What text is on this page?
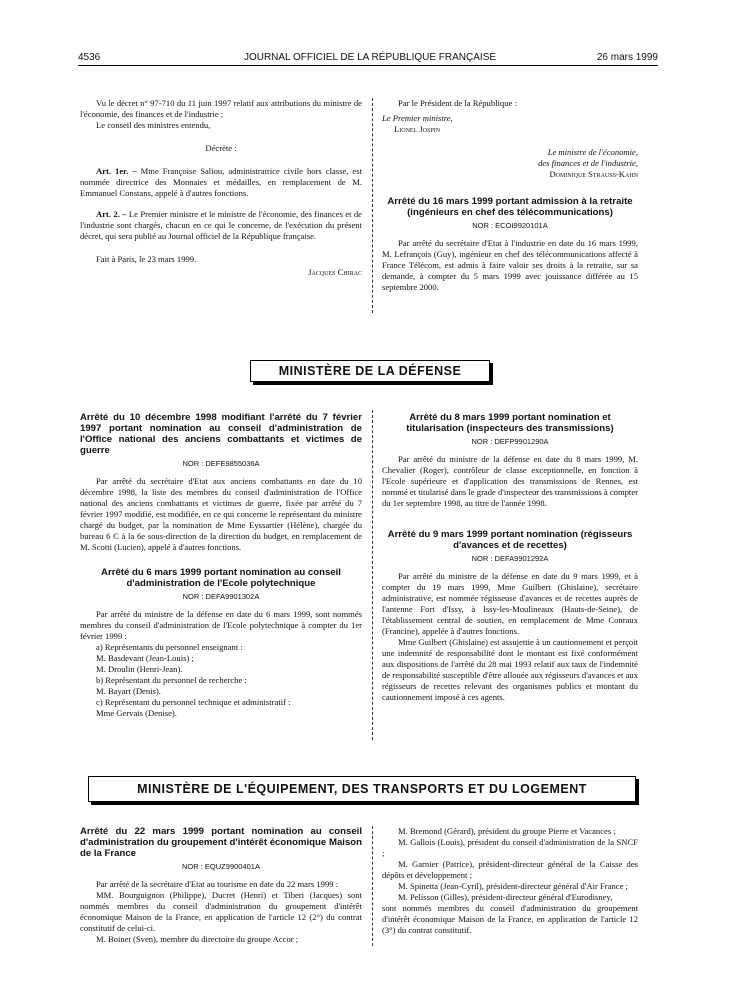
4536	JOURNAL OFFICIEL DE LA RÉPUBLIQUE FRANÇAISE	26 mars 1999

Vu le décret n° 97-710 du 11 juin 1997 relatif aux attributions du ministre de l'économie, des finances et de l'industrie ;

Le conseil des ministres entendu,

Décrète :

Art. 1er. – Mme Françoise Saliou, administratrice civile hors classe, est nommée directrice des Monnaies et médailles, en remplacement de M. Emmanuel Constans, appelé à d'autres fonctions.

Art. 2. – Le Premier ministre et le ministre de l'économie, des finances et de l'industrie sont chargés, chacun en ce qui le concerne, de l'exécution du présent décret, qui sera publié au Journal officiel de la République française.

Fait à Paris, le 23 mars 1999.

Jacques Chirac

Par le Président de la République :

Le Premier ministre,

Lionel Jospin

Le ministre de l'économie,

des finances et de l'industrie,

Dominique Strauss-Kahn

Arrêté du 16 mars 1999 portant admission à la retraite (ingénieurs en chef des télécommunications)

NOR : ECOI9920101A

Par arrêté du secrétaire d'Etat à l'industrie en date du 16 mars 1999, M. Lefrançois (Guy), ingénieur en chef des télécommunications affecté à France Télécom, est admis à faire valoir ses droits à la retraite, sur sa demande, à compter du 5 mars 1999 avec jouissance différée au 15 septembre 2000.

MINISTÈRE DE LA DÉFENSE

Arrêté du 10 décembre 1998 modifiant l'arrêté du 7 février 1997 portant nomination au conseil d'administration de l'Office national des anciens combattants et victimes de guerre

NOR : DEFE9855036A

Par arrêté du secrétaire d'Etat aux anciens combattants en date du 10 décembre 1998, la liste des membres du conseil d'administration de l'Office national des anciens combattants et victimes de guerre, fixée par arrêté du 7 février 1997 modifié, est modifiée, en ce qui concerne le représentant du ministre chargé du budget, par la nomination de Mme Eyssartier (Hélène), chargée du bureau 6 C à la 6e sous-direction de la direction du budget, en remplacement de M. Scotti (Lucien), appelé à d'autres fonctions.

Arrêté du 6 mars 1999 portant nomination au conseil d'administration de l'Ecole polytechnique

NOR : DEFA9901302A

Par arrêté du ministre de la défense en date du 6 mars 1999, sont nommés membres du conseil d'administration de l'Ecole polytechnique à compter du 1er février 1999 :

a) Représentants du personnel enseignant :
M. Basdevant (Jean-Louis) ;
M. Droulin (Henri-Jean).
b) Représentant du personnel de recherche :
M. Bayart (Denis).
c) Représentant du personnel technique et administratif :
Mme Gervais (Denise).

Arrêté du 8 mars 1999 portant nomination et titularisation (inspecteurs des transmissions)

NOR : DEFP9901290A

Par arrêté du ministre de la défense en date du 8 mars 1999, M. Chevalier (Roger), contrôleur de classe exceptionnelle, en fonction à l'Ecole supérieure et d'application des transmissions de Rennes, est nommé et titularisé dans le grade d'inspecteur des transmissions à compter du 1er septembre 1998, au titre de l'année 1998.

Arrêté du 9 mars 1999 portant nomination (régisseurs d'avances et de recettes)

NOR : DEFA9901292A

Par arrêté du ministre de la défense en date du 9 mars 1999, et à compter du 19 mars 1999, Mme Guilbert (Ghislaine), secrétaire administrative, est nommée régisseuse d'avances et de recettes auprès de l'antenne Fort d'Issy, à Issy-les-Moulineaux (Hauts-de-Seine), de l'établissement central de soutien, en remplacement de Mme Conraux (Francine), appelée à d'autres fonctions.

Mme Guilbert (Ghislaine) est assujettie à un cautionnement et perçoit une indemnité de responsabilité dont le montant est fixé conformément aux dispositions de l'arrêté du 28 mai 1993 relatif aux taux de l'indemnité de responsabilité susceptible d'être allouée aux régisseurs d'avances et aux régisseurs de recettes relevant des organismes publics et montant du cautionnement imposé à ces agents.

MINISTÈRE DE L'ÉQUIPEMENT, DES TRANSPORTS ET DU LOGEMENT

Arrêté du 22 mars 1999 portant nomination au conseil d'administration du groupement d'intérêt économique Maison de la France

NOR : EQUZ9900401A

Par arrêté de la secrétaire d'Etat au tourisme en date du 22 mars 1999 :

MM. Bourguignon (Philippe), Ducret (Henri) et Tiberi (Jacques) sont nommés membres du conseil d'administration du groupement d'intérêt économique Maison de la France, en application de l'article 12 (2°) du contrat constitutif de celui-ci.

M. Boinet (Sven), membre du directoire du groupe Accor ;

M. Bremond (Gérard), président du groupe Pierre et Vacances ;

M. Gallois (Louis), président du conseil d'administration de la SNCF ;

M. Garnier (Patrice), président-directeur général de la Caisse des dépôts et développement ;

M. Spinetta (Jean-Cyril), président-directeur général d'Air France ;

M. Pelisson (Gilles), président-directeur général d'Eurodisney,

sont nommés membres du conseil d'administration du groupement d'intérêt économique Maison de la France, en application de l'article 12 (3°) du contrat constitutif.
